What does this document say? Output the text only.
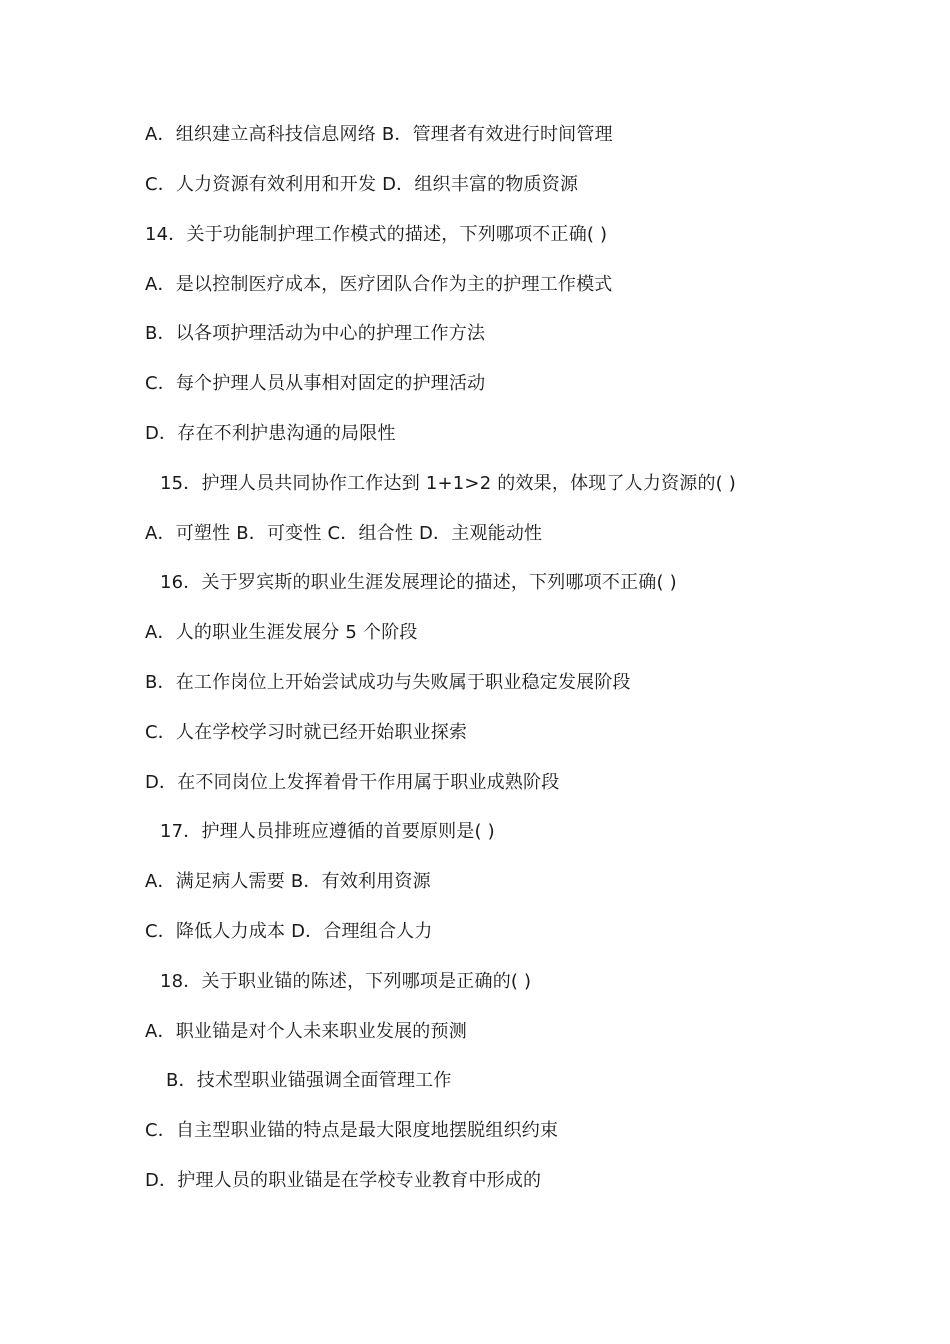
A．组织建立高科技信息网络 B．管理者有效进行时间管理
C．人力资源有效利用和开发 D．组织丰富的物质资源
14．关于功能制护理工作模式的描述，下列哪项不正确( )
A．是以控制医疗成本，医疗团队合作为主的护理工作模式
B．以各项护理活动为中心的护理工作方法
C．每个护理人员从事相对固定的护理活动
D．存在不利护患沟通的局限性
15．护理人员共同协作工作达到 1+1>2 的效果，体现了人力资源的( )
A．可塑性 B．可变性 C．组合性 D．主观能动性
16．关于罗宾斯的职业生涯发展理论的描述，下列哪项不正确( )
A．人的职业生涯发展分 5 个阶段
B．在工作岗位上开始尝试成功与失败属于职业稳定发展阶段
C．人在学校学习时就已经开始职业探索
D．在不同岗位上发挥着骨干作用属于职业成熟阶段
17．护理人员排班应遵循的首要原则是( )
A．满足病人需要 B．有效利用资源
C．降低人力成本 D．合理组合人力
18．关于职业锚的陈述，下列哪项是正确的( )
A．职业锚是对个人未来职业发展的预测
B．技术型职业锚强调全面管理工作
C．自主型职业锚的特点是最大限度地摆脱组织约束
D．护理人员的职业锚是在学校专业教育中形成的
